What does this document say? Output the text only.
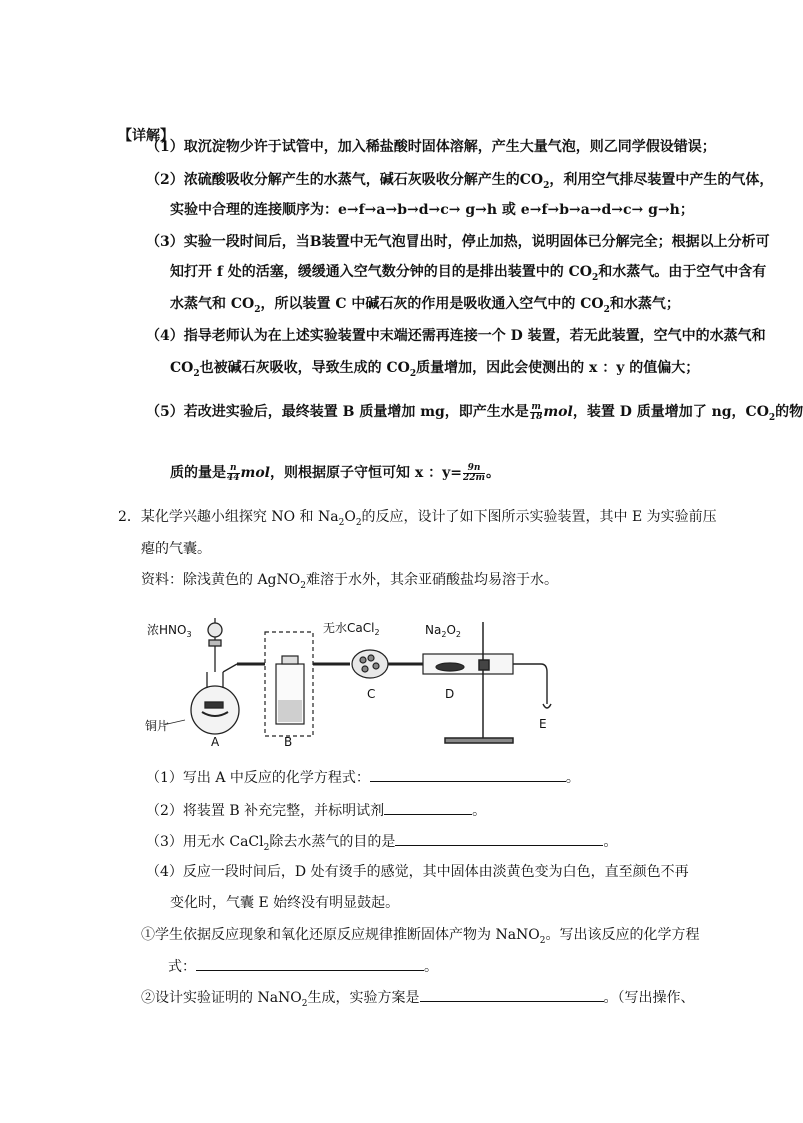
【详解】
（1）取沉淀物少许于试管中，加入稀盐酸时固体溶解，产生大量气泡，则乙同学假设错误；
（2）浓硫酸吸收分解产生的水蒸气，碱石灰吸收分解产生的$CO_2$，利用空气排尽装置中产生的气体，
实验中合理的连接顺序为：e→f→a→b→d→c→ g→h 或 e→f→b→a→d→c→ g→h；
（3）实验一段时间后，当B装置中无气泡冒出时，停止加热，说明固体已分解完全；根据以上分析可
知打开 f 处的活塞，缓缓通入空气数分钟的目的是排出装置中的 $CO_2$和水蒸气。由于空气中含有
水蒸气和 $CO_2$，所以装置 C 中碱石灰的作用是吸收通入空气中的 $CO_2$和水蒸气；
（4）指导老师认为在上述实验装置中末端还需再连接一个 D 装置，若无此装置，空气中的水蒸气和
$CO_2$也被碱石灰吸收，导致生成的 $CO_2$质量增加，因此会使测出的 x ：y 的值偏大；
（5）若改进实验后，最终装置 B 质量增加 mg，即产生水是 $\frac{m}{18}$ mol，装置 D 质量增加了 ng，$CO_2$的物
质的量是 $\frac{n}{44}$ mol，则根据原子守恒可知 x ：$y= \frac{9n}{22m}$ 。
2．某化学兴趣小组探究 NO 和 $Na_2O_2$的反应，设计了如下图所示实验装置，其中 E 为实验前压
瘪的气囊。
资料：除浅黄色的 AgNO$_2$难溶于水外，其余亚硝酸盐均易溶于水。
浓$HNO_3$
铜片
A	B
无水CaCl$_2$
C
$Na_2O_2$
D
E
（1）写出 A 中反应的化学方程式：	。
（2）将装置 B 补充完整，并标明试剂	。
（3）用无水 CaCl$_2$除去水蒸气的目的是	。
（4）反应一段时间后，D 处有烫手的感觉，其中固体由淡黄色变为白色，直至颜色不再
变化时，气囊 E 始终没有明显鼓起。
①学生依据反应现象和氧化还原反应规律推断固体产物为 NaNO$_2$。写出该反应的化学方程
式：	。
②设计实验证明的 NaNO$_2$生成，实验方案是	。（写出操作、
